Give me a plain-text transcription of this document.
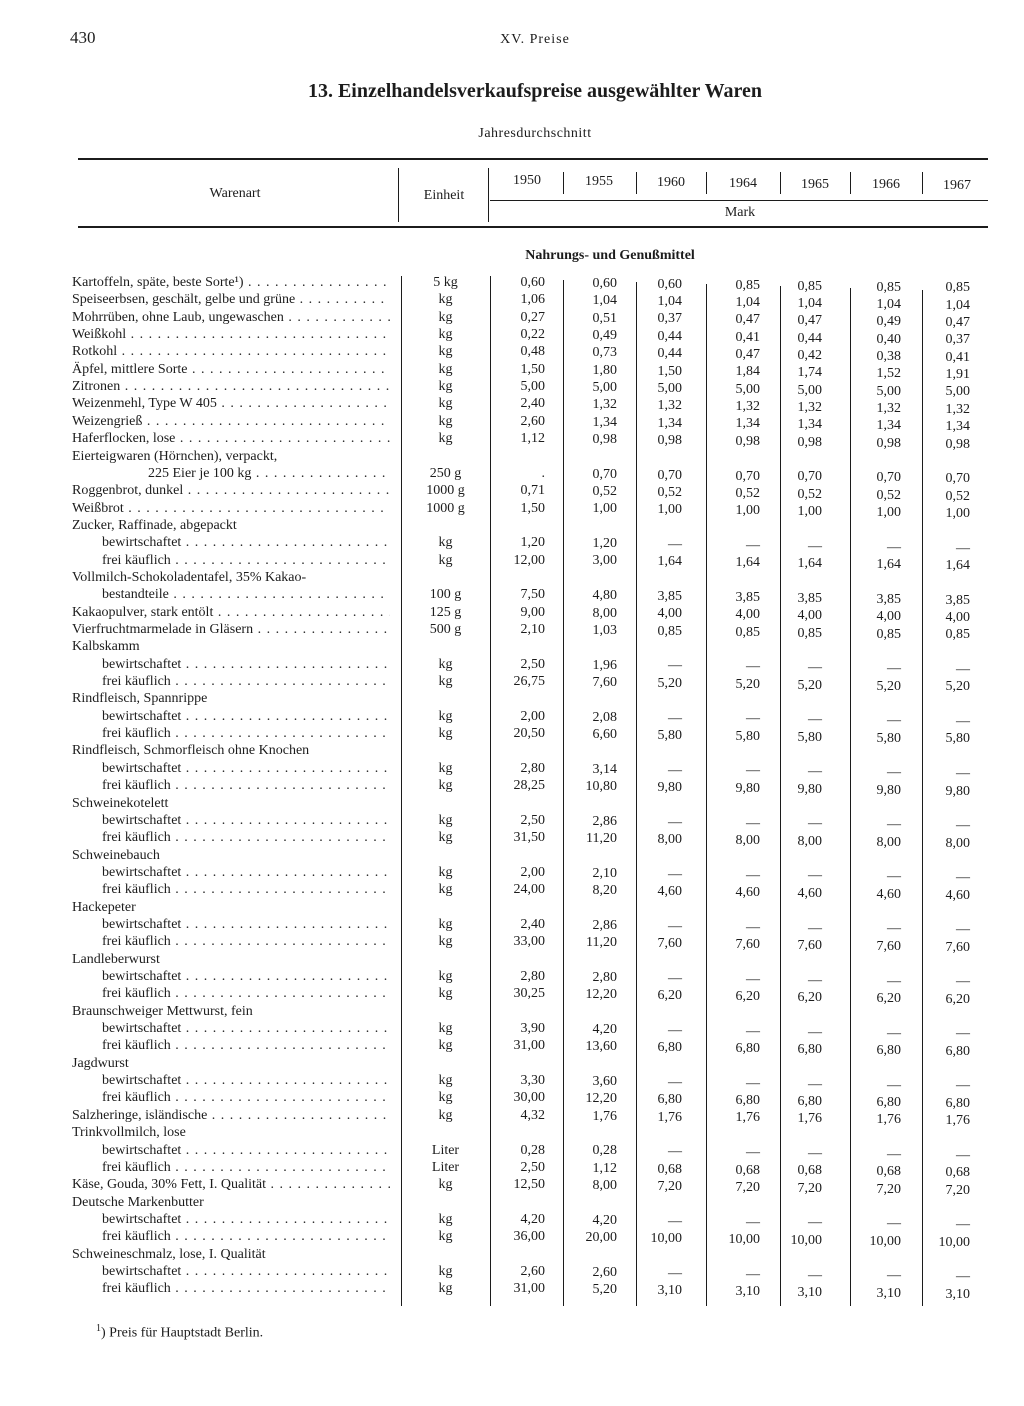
430	XV. Preise
13. Einzelhandelsverkaufspreise ausgewählter Waren
Jahresdurchschnitt
Warenart	Einheit
1950	1955	1960	1964	1965	1966	1967
Mark
Nahrungs- und Genußmittel
Kartoffeln, späte, beste Sorte¹) . . .	5 kg	0,60	0,60	0,60	0,85	0,85	0,85	0,85
Speiseerbsen, geschält, gelbe und grüne . . .	kg	1,06	1,04	1,04	1,04	1,04	1,04	1,04
Mohrrüben, ohne Laub, ungewaschen . . .	kg	0,27	0,51	0,37	0,47	0,47	0,49	0,47
Weißkohl . . .	kg	0,22	0,49	0,44	0,41	0,44	0,40	0,37
Rotkohl . . .	kg	0,48	0,73	0,44	0,47	0,42	0,38	0,41
Äpfel, mittlere Sorte . . .	kg	1,50	1,80	1,50	1,84	1,74	1,52	1,91
Zitronen . . .	kg	5,00	5,00	5,00	5,00	5,00	5,00	5,00
Weizenmehl, Type W 405 . . .	kg	2,40	1,32	1,32	1,32	1,32	1,32	1,32
Weizengrieß . . .	kg	2,60	1,34	1,34	1,34	1,34	1,34	1,34
Haferflocken, lose . . .	kg	1,12	0,98	0,98	0,98	0,98	0,98	0,98
Eierteigwaren (Hörnchen), verpackt,
225 Eier je 100 kg . . .	250 g	.	0,70	0,70	0,70	0,70	0,70	0,70
Roggenbrot, dunkel . . .	1000 g	0,71	0,52	0,52	0,52	0,52	0,52	0,52
Weißbrot . . .	1000 g	1,50	1,00	1,00	1,00	1,00	1,00	1,00
Zucker, Raffinade, abgepackt
bewirtschaftet . . .	kg	1,20	1,20	—	—	—	—	—
frei käuflich . . .	kg	12,00	3,00	1,64	1,64	1,64	1,64	1,64
Vollmilch-Schokoladentafel, 35% Kakao-
bestandteile . . .	100 g	7,50	4,80	3,85	3,85	3,85	3,85	3,85
Kakaopulver, stark entölt . . .	125 g	9,00	8,00	4,00	4,00	4,00	4,00	4,00
Vierfruchtmarmelade in Gläsern . . .	500 g	2,10	1,03	0,85	0,85	0,85	0,85	0,85
Kalbskamm
bewirtschaftet . . .	kg	2,50	1,96	—	—	—	—	—
frei käuflich . . .	kg	26,75	7,60	5,20	5,20	5,20	5,20	5,20
Rindfleisch, Spannrippe
bewirtschaftet . . .	kg	2,00	2,08	—	—	—	—	—
frei käuflich . . .	kg	20,50	6,60	5,80	5,80	5,80	5,80	5,80
Rindfleisch, Schmorfleisch ohne Knochen
bewirtschaftet . . .	kg	2,80	3,14	—	—	—	—	—
frei käuflich . . .	kg	28,25	10,80	9,80	9,80	9,80	9,80	9,80
Schweinekotelett
bewirtschaftet . . .	kg	2,50	2,86	—	—	—	—	—
frei käuflich . . .	kg	31,50	11,20	8,00	8,00	8,00	8,00	8,00
Schweinebauch
bewirtschaftet . . .	kg	2,00	2,10	—	—	—	—	—
frei käuflich . . .	kg	24,00	8,20	4,60	4,60	4,60	4,60	4,60
Hackepeter
bewirtschaftet . . .	kg	2,40	2,86	—	—	—	—	—
frei käuflich . . .	kg	33,00	11,20	7,60	7,60	7,60	7,60	7,60
Landleberwurst
bewirtschaftet . . .	kg	2,80	2,80	—	—	—	—	—
frei käuflich . . .	kg	30,25	12,20	6,20	6,20	6,20	6,20	6,20
Braunschweiger Mettwurst, fein
bewirtschaftet . . .	kg	3,90	4,20	—	—	—	—	—
frei käuflich . . .	kg	31,00	13,60	6,80	6,80	6,80	6,80	6,80
Jagdwurst
bewirtschaftet . . .	kg	3,30	3,60	—	—	—	—	—
frei käuflich . . .	kg	30,00	12,20	6,80	6,80	6,80	6,80	6,80
Salzheringe, isländische . . .	kg	4,32	1,76	1,76	1,76	1,76	1,76	1,76
Trinkvollmilch, lose
bewirtschaftet . . .	Liter	0,28	0,28	—	—	—	—	—
frei käuflich . . .	Liter	2,50	1,12	0,68	0,68	0,68	0,68	0,68
Käse, Gouda, 30% Fett, I. Qualität . . .	kg	12,50	8,00	7,20	7,20	7,20	7,20	7,20
Deutsche Markenbutter
bewirtschaftet . . .	kg	4,20	4,20	—	—	—	—	—
frei käuflich . . .	kg	36,00	20,00	10,00	10,00	10,00	10,00	10,00
Schweineschmalz, lose, I. Qualität
bewirtschaftet . . .	kg	2,60	2,60	—	—	—	—	—
frei käuflich . . .	kg	31,00	5,20	3,10	3,10	3,10	3,10	3,10
$^1$) Preis für Hauptstadt Berlin.
